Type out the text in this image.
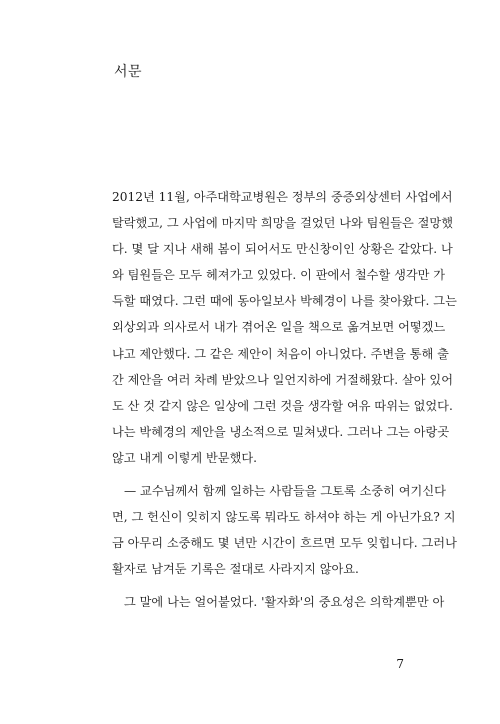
서문
2012년 11월, 아주대학교병원은 정부의 중증외상센터 사업에서
탈락했고, 그 사업에 마지막 희망을 걸었던 나와 팀원들은 절망했
다. 몇 달 지나 새해 봄이 되어서도 만신창이인 상황은 같았다. 나
와 팀원들은 모두 헤져가고 있었다. 이 판에서 철수할 생각만 가
득할 때였다. 그런 때에 동아일보사 박혜경이 나를 찾아왔다. 그는
외상외과 의사로서 내가 겪어온 일을 책으로 옮겨보면 어떻겠느
냐고 제안했다. 그 같은 제안이 처음이 아니었다. 주변을 통해 출
간 제안을 여러 차례 받았으나 일언지하에 거절해왔다. 살아 있어
도 산 것 같지 않은 일상에 그런 것을 생각할 여유 따위는 없었다.
나는 박혜경의 제안을 냉소적으로 밀쳐냈다. 그러나 그는 아랑곳
않고 내게 이렇게 반문했다.
— 교수님께서 함께 일하는 사람들을 그토록 소중히 여기신다
면, 그 헌신이 잊히지 않도록 뭐라도 하셔야 하는 게 아닌가요? 지
금 아무리 소중해도 몇 년만 시간이 흐르면 모두 잊힙니다. 그러나
활자로 남겨둔 기록은 절대로 사라지지 않아요.
그 말에 나는 얼어붙었다. '활자화'의 중요성은 의학계뿐만 아
7
